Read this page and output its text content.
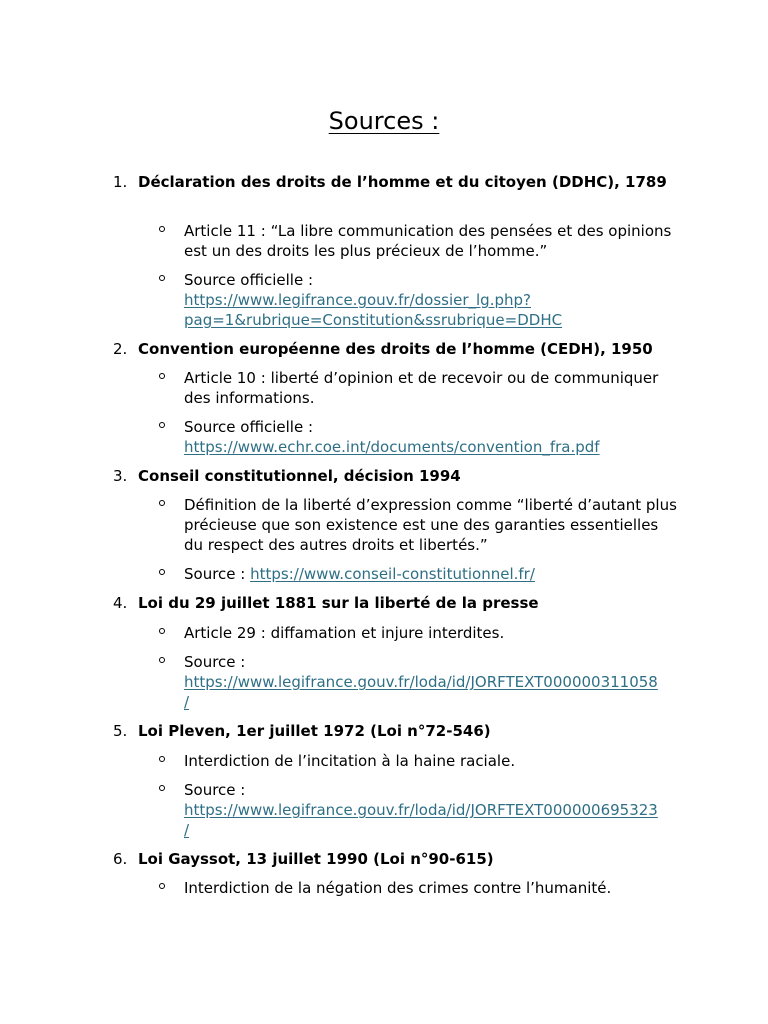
Sources :
1. Déclaration des droits de l’homme et du citoyen (DDHC), 1789
Article 11 : “La libre communication des pensées et des opinions est un des droits les plus précieux de l’homme.”
Source officielle :
https://www.legifrance.gouv.fr/dossier_lg.php?
pag=1&rubrique=Constitution&ssrubrique=DDHC
2. Convention européenne des droits de l’homme (CEDH), 1950
Article 10 : liberté d’opinion et de recevoir ou de communiquer des informations.
Source officielle :
https://www.echr.coe.int/documents/convention_fra.pdf
3. Conseil constitutionnel, décision 1994
Définition de la liberté d’expression comme “liberté d’autant plus précieuse que son existence est une des garanties essentielles du respect des autres droits et libertés.”
Source : https://www.conseil-constitutionnel.fr/
4. Loi du 29 juillet 1881 sur la liberté de la presse
Article 29 : diffamation et injure interdites.
Source :
https://www.legifrance.gouv.fr/loda/id/JORFTEXT000000311058
/
5. Loi Pleven, 1er juillet 1972 (Loi n°72-546)
Interdiction de l’incitation à la haine raciale.
Source :
https://www.legifrance.gouv.fr/loda/id/JORFTEXT000000695323
/
6. Loi Gayssot, 13 juillet 1990 (Loi n°90-615)
Interdiction de la négation des crimes contre l’humanité.
